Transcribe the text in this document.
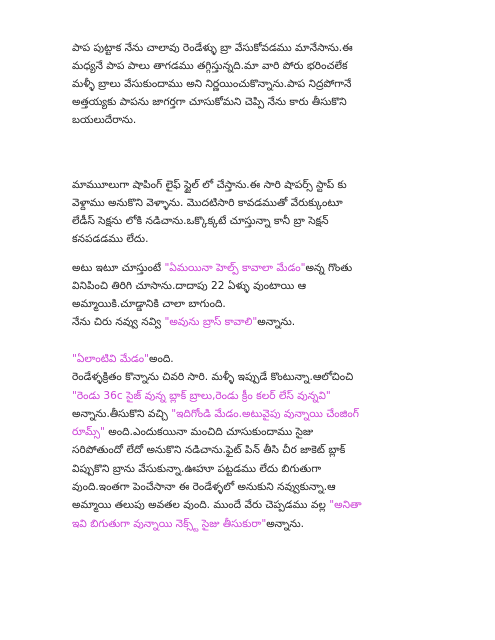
పాప పుట్టాక నేను చాలావు రెండేళ్ళు బ్రా వేసుకోవడము మానేసాను.ఈ
మధ్యనే పాప పాలు తాగడము తగ్గిస్తున్నది.మా వారి పోరు భరించలేక
మళ్ళీ బ్రాలు వేసుకుందాము అని నిర్ణయించుకొన్నాను.పాప నిద్రపోగానే
అత్తయ్యకు పాపను జాగర్తగా చూసుకోమని చెప్పి నేను కారు తీసుకొని
బయలుదేరాను.
మాముూలుగా షాపింగ్ లైఫ్ స్టైల్ లో చేస్తాను.ఈ సారి షాపర్స్ స్టాప్ కు
వెళ్దాము అనుకొని వెళ్ళాను. మొదటిసారి కావడముతో వేరుక్కుంటూ
లేడీస్ సెక్షను లోకి నడిచాను.ఒక్కొక్కటే చూస్తున్నా కానీ బ్రా సెక్షన్
కనపడడము లేదు.
అటు ఇటూ చూస్తుంటే "ఏమయినా హెల్ప్ కావాలా మేడం"అన్న గొంతు
వినిపించి తిరిగి చూసాను.దాదాపు 22 ఏళ్ళు వుంటాయి ఆ
అమ్మాయికి.చూడ్డానికి చాలా బాగుంది.
నేను చిరు నవ్వు నవ్వి "అవును బ్రాస్ కావాలి"అన్నాను.
"ఏలాంటివి మేడం"అంది.
రెండేళ్ళక్రితం కొన్నాను చివరి సారి. మళ్ళీ ఇప్పుడే కొంటున్నా.ఆలోచించి
"రెండు 36c సైజ్ వున్న బ్లాక్ బ్రాలు,రెండు క్రీం కలర్ లేస్ వున్నవి"
అన్నాను.తీసుకొని వచ్చి "ఇదిగోండి మేడం.అటువైపు వున్నాయి చేంజింగ్
రూమ్స్" అంది.ఎందుకయినా మంచిది చూసుకుందాము సైజు
సరిపోతుందో లేదో అనుకొని నడిచాను.ఫైట్ పిన్ తీసి చీర జాకెట్ బ్లాక్
విప్పుకొని బ్రాను వేసుకున్నా.ఊహూ పట్టడము లేదు బిగుతుగా
వుంది.ఇంతగా పెంచేసానా ఈ రెండేళ్ళలో అనుకుని నవ్వుకున్నా.ఆ
అమ్మాయి తలుపు అవతల వుంది. ముందే వేరు చెప్పడము వల్ల "అనితా
ఇవి బిగుతుగా వున్నాయి నెక్స్ట్ సైజు తీసుకురా"అన్నాను.
